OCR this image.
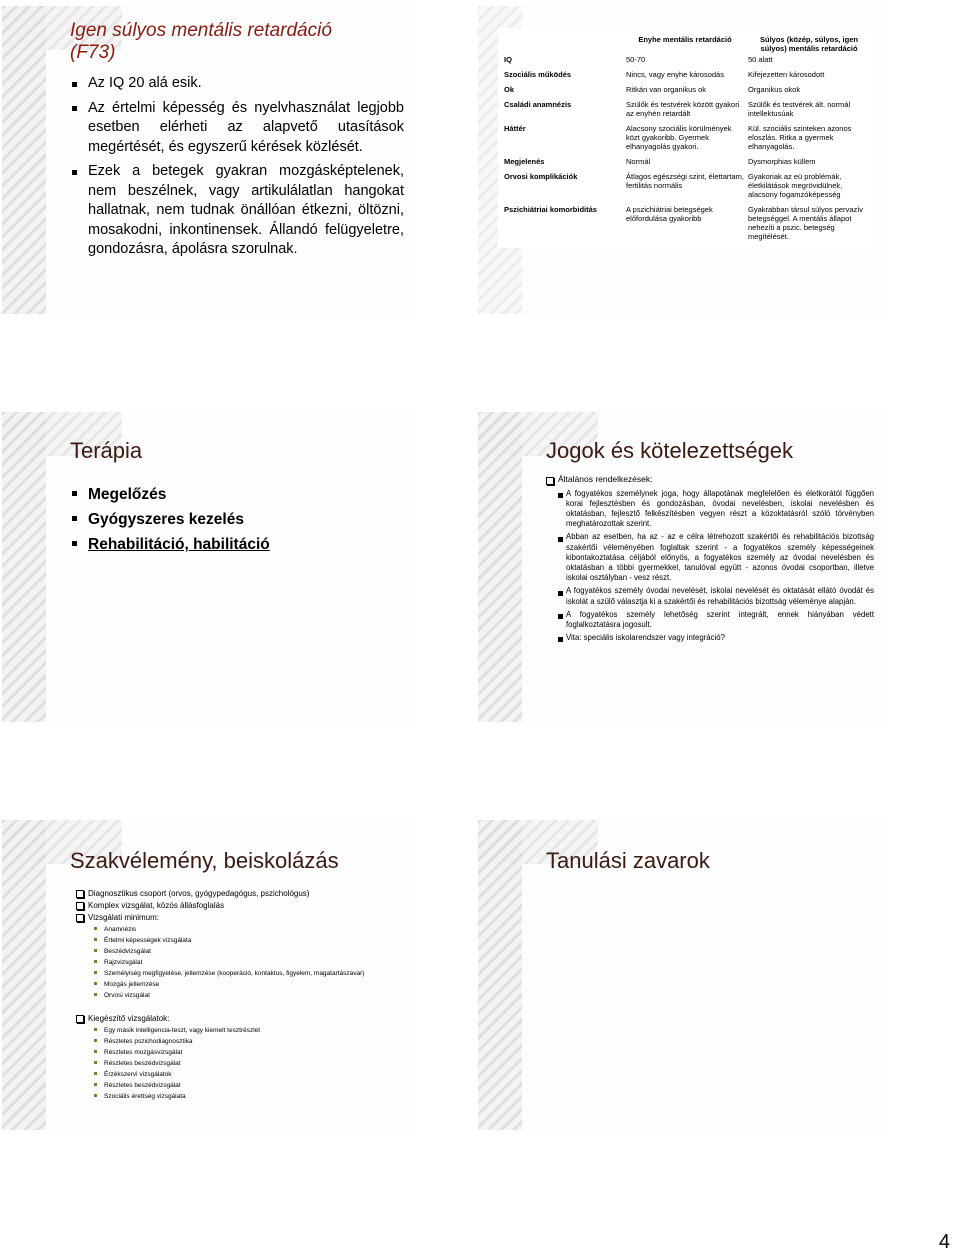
Igen súlyos mentális retardáció (F73)
Az IQ 20 alá esik.
Az értelmi képesség és nyelvhasználat legjobb esetben elérheti az alapvető utasítások megértését, és egyszerű kérések közlését.
Ezek a betegek gyakran mozgásképtelenek, nem beszélnek, vagy artikulálatlan hangokat hallatnak, nem tudnak önállóan étkezni, öltözni, mosakodni, inkontinensek. Állandó felügyeletre, gondozásra, ápolásra szorulnak.
	Enyhe mentális retardáció	Súlyos (közép, súlyos, igen súlyos) mentális retardáció
IQ	50-70	50 alatt
Szociális működés	Nincs, vagy enyhe károsodás	Kifejezetten károsodott
Ok	Ritkán van organikus ok	Organikus okok
Családi anamnézis	Szülők és testvérek között gyakori az enyhén retardált	Szülők és testvérek ált. normál intellektusúak
Háttér	Alacsony szociális körülmények közt gyakoribb. Gyermek elhanyagolás gyakori.	Kül. szociális szinteken azonos eloszlás. Ritka a gyermek elhanyagolás.
Megjelenés	Normál	Dysmorphias küllem
Orvosi komplikációk	Átlagos egészségi szint, élettartam, fertilitás normális	Gyakoriak az eü problémák, életkilátások megrövidülnek, alacsony fogamzóképesség
Pszichiátriai komorbiditás	A pszichiátriai betegségek előfordulása gyakoribb	Gyakrabban társul súlyos pervazív betegséggel. A mentális állapot nehezíti a pszic. betegség megítélését.
Terápia
Megelőzés
Gyógyszeres kezelés
Rehabilitáció, habilitáció
Jogok és kötelezettségek
Általános rendelkezések:
A fogyatékos személynek joga, hogy állapotának megfelelően és életkorától függően korai fejlesztésben és gondozásban, óvodai nevelésben, iskolai nevelésben és oktatásban, fejlesztő felkészítésben vegyen részt a közoktatásról szóló törvényben meghatározottak szerint.
Abban az esetben, ha az - az e célra létrehozott szakértői és rehabilitációs bizottság szakértői véleményében foglaltak szerint - a fogyatékos személy képességeinek kibontakoztatása céljából előnyös, a fogyatékos személy az óvodai nevelésben és oktatásban a többi gyermekkel, tanulóval együtt - azonos óvodai csoportban, illetve iskolai osztályban - vesz részt.
A fogyatékos személy óvodai nevelését, iskolai nevelését és oktatását ellátó óvodát és iskolát a szülő választja ki a szakértői és rehabilitációs bizottság véleménye alapján.
A fogyatékos személy lehetőség szerint integrált, ennek hiányában védett foglalkoztatásra jogosult.
Vita: speciális iskolarendszer vagy integráció?
Szakvélemény, beiskolázás
Diagnosztikus csoport (orvos, gyógypedagógus, pszichológus)
Komplex vizsgálat, közös állásfoglalás
Vizsgálati minimum:
Anamnézis
Értelmi képességek vizsgálata
Beszédvizsgálat
Rajzvizsgálat
Személyiség megfigyelése, jellemzése (kooperáció, kontaktus, figyelem, magatartászavar)
Mozgás jellemzése
Orvosi vizsgálat
Kiegészítő vizsgálatok:
Egy másik intelligencia-teszt, vagy kiemelt tesztrészlet
Részletes pszichodiagnosztika
Részletes mozgásvizsgálat
Részletes beszédvizsgálat
Érzékszervi vizsgálatok
Részletes beszédvizsgálat
Szociális érettség vizsgálata
Tanulási zavarok
4
